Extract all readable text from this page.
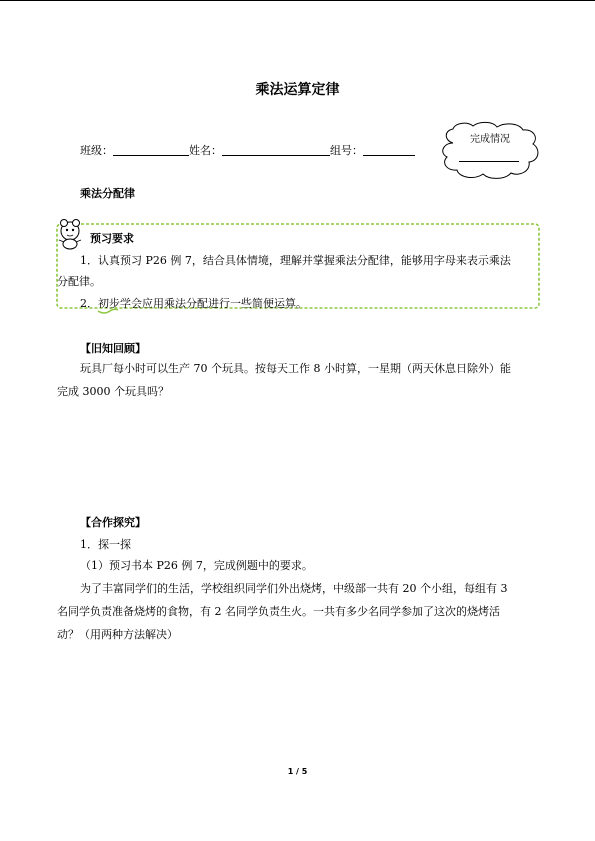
乘法运算定律
班级：	姓名：	组号：
完成情况
乘法分配律
预习要求
1．认真预习 P26 例 7，结合具体情境，理解并掌握乘法分配律，能够用字母来表示乘法
分配律。
2．初步学会应用乘法分配进行一些简便运算。
【旧知回顾】
玩具厂每小时可以生产 70 个玩具。按每天工作 8 小时算，一星期（两天休息日除外）能
完成 3000 个玩具吗？
【合作探究】
1．探一探
（1）预习书本 P26 例 7，完成例题中的要求。
为了丰富同学们的生活，学校组织同学们外出烧烤，中级部一共有 20 个小组，每组有 3
名同学负责准备烧烤的食物，有 2 名同学负责生火。一共有多少名同学参加了这次的烧烤活
动？（用两种方法解决）
1 / 5
